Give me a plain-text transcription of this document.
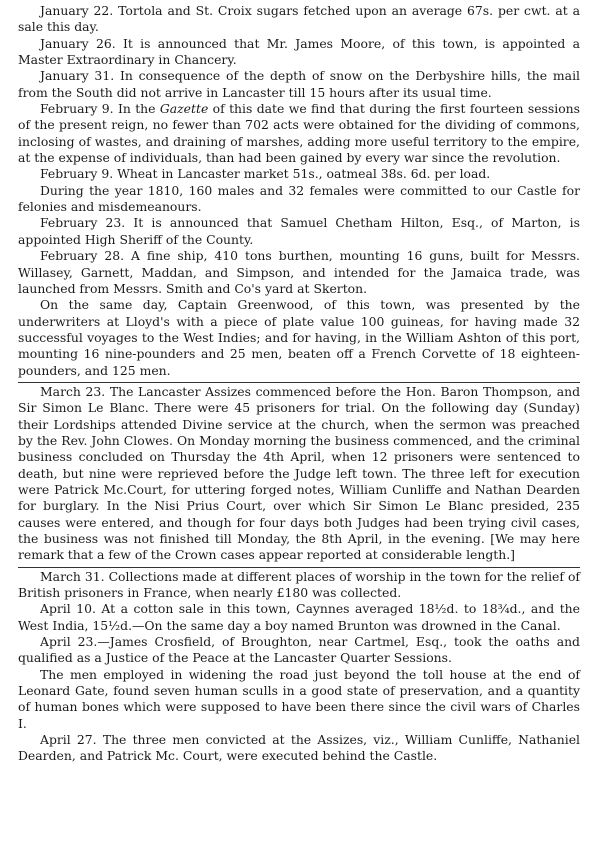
January 22. Tortola and St. Croix sugars fetched upon an average 67s. per cwt. at a sale this day.

January 26. It is announced that Mr. James Moore, of this town, is appointed a Master Extraordinary in Chancery.

January 31. In consequence of the depth of snow on the Derbyshire hills, the mail from the South did not arrive in Lancaster till 15 hours after its usual time.

February 9. In the Gazette of this date we find that during the first fourteen sessions of the present reign, no fewer than 702 acts were obtained for the dividing of commons, inclosing of wastes, and draining of marshes, adding more useful territory to the empire, at the expense of individuals, than had been gained by every war since the revolution.

February 9. Wheat in Lancaster market 51s., oatmeal 38s. 6d. per load.

During the year 1810, 160 males and 32 females were committed to our Castle for felonies and misdemeanours.

February 23. It is announced that Samuel Chetham Hilton, Esq., of Marton, is appointed High Sheriff of the County.

February 28. A fine ship, 410 tons burthen, mounting 16 guns, built for Messrs. Willasey, Garnett, Maddan, and Simpson, and intended for the Jamaica trade, was launched from Messrs. Smith and Co's yard at Skerton.

On the same day, Captain Greenwood, of this town, was presented by the underwriters at Lloyd's with a piece of plate value 100 guineas, for having made 32 successful voyages to the West Indies; and for having, in the William Ashton of this port, mounting 16 nine-pounders and 25 men, beaten off a French Corvette of 18 eighteen-pounders, and 125 men.

March 23. The Lancaster Assizes commenced before the Hon. Baron Thompson, and Sir Simon Le Blanc. There were 45 prisoners for trial. On the following day (Sunday) their Lordships attended Divine service at the church, when the sermon was preached by the Rev. John Clowes. On Monday morning the business commenced, and the criminal business concluded on Thursday the 4th April, when 12 prisoners were sentenced to death, but nine were reprieved before the Judge left town. The three left for execution were Patrick Mc.Court, for uttering forged notes, William Cunliffe and Nathan Dearden for burglary. In the Nisi Prius Court, over which Sir Simon Le Blanc presided, 235 causes were entered, and though for four days both Judges had been trying civil cases, the business was not finished till Monday, the 8th April, in the evening. [We may here remark that a few of the Crown cases appear reported at considerable length.]

March 31. Collections made at different places of worship in the town for the relief of British prisoners in France, when nearly £180 was collected.

April 10. At a cotton sale in this town, Caynnes averaged 18½d. to 18¾d., and the West India, 15½d.—On the same day a boy named Brunton was drowned in the Canal.

April 23.—James Crosfield, of Broughton, near Cartmel, Esq., took the oaths and qualified as a Justice of the Peace at the Lancaster Quarter Sessions.

The men employed in widening the road just beyond the toll house at the end of Leonard Gate, found seven human sculls in a good state of preservation, and a quantity of human bones which were supposed to have been there since the civil wars of Charles I.

April 27. The three men convicted at the Assizes, viz., William Cunliffe, Nathaniel Dearden, and Patrick Mc. Court, were executed behind the Castle.
